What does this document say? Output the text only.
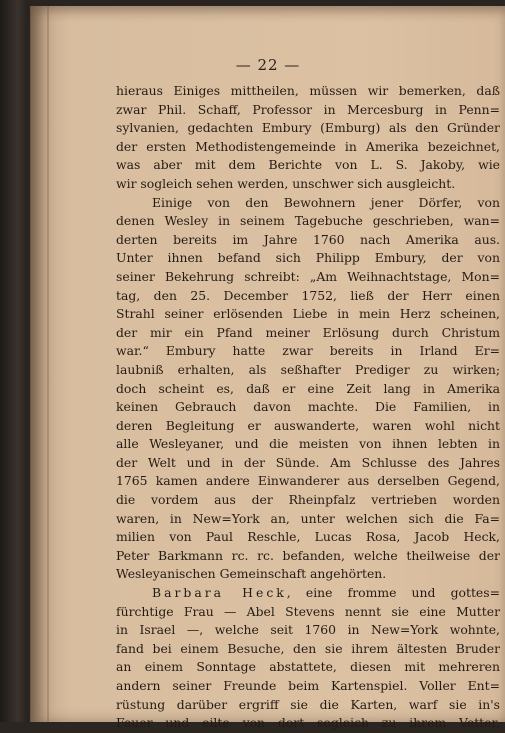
— 22 —
hieraus Einiges mittheilen, müssen wir bemerken, daß
zwar Phil. Schaff, Professor in Mercesburg in Penn=
sylvanien, gedachten Embury (Emburg) als den Gründer
der ersten Methodistengemeinde in Amerika bezeichnet,
was aber mit dem Berichte von L. S. Jakoby, wie
wir sogleich sehen werden, unschwer sich ausgleicht.
Einige von den Bewohnern jener Dörfer, von
denen Wesley in seinem Tagebuche geschrieben, wan=
derten bereits im Jahre 1760 nach Amerika aus.
Unter ihnen befand sich Philipp Embury, der von
seiner Bekehrung schreibt: „Am Weihnachtstage, Mon=
tag, den 25. December 1752, ließ der Herr einen
Strahl seiner erlösenden Liebe in mein Herz scheinen,
der mir ein Pfand meiner Erlösung durch Christum
war.“ Embury hatte zwar bereits in Irland Er=
laubniß erhalten, als seßhafter Prediger zu wirken;
doch scheint es, daß er eine Zeit lang in Amerika
keinen Gebrauch davon machte. Die Familien, in
deren Begleitung er auswanderte, waren wohl nicht
alle Wesleyaner, und die meisten von ihnen lebten in
der Welt und in der Sünde. Am Schlusse des Jahres
1765 kamen andere Einwanderer aus derselben Gegend,
die vordem aus der Rheinpfalz vertrieben worden
waren, in New=York an, unter welchen sich die Fa=
milien von Paul Reschle, Lucas Rosa, Jacob Heck,
Peter Barkmann rc. rc. befanden, welche theilweise der
Wesleyanischen Gemeinschaft angehörten.
Barbara Heck, eine fromme und gottes=
fürchtige Frau — Abel Stevens nennt sie eine Mutter
in Israel —, welche seit 1760 in New=York wohnte,
fand bei einem Besuche, den sie ihrem ältesten Bruder
an einem Sonntage abstattete, diesen mit mehreren
andern seiner Freunde beim Kartenspiel. Voller Ent=
rüstung darüber ergriff sie die Karten, warf sie in's
Feuer und eilte von dort sogleich zu ihrem Vetter,
